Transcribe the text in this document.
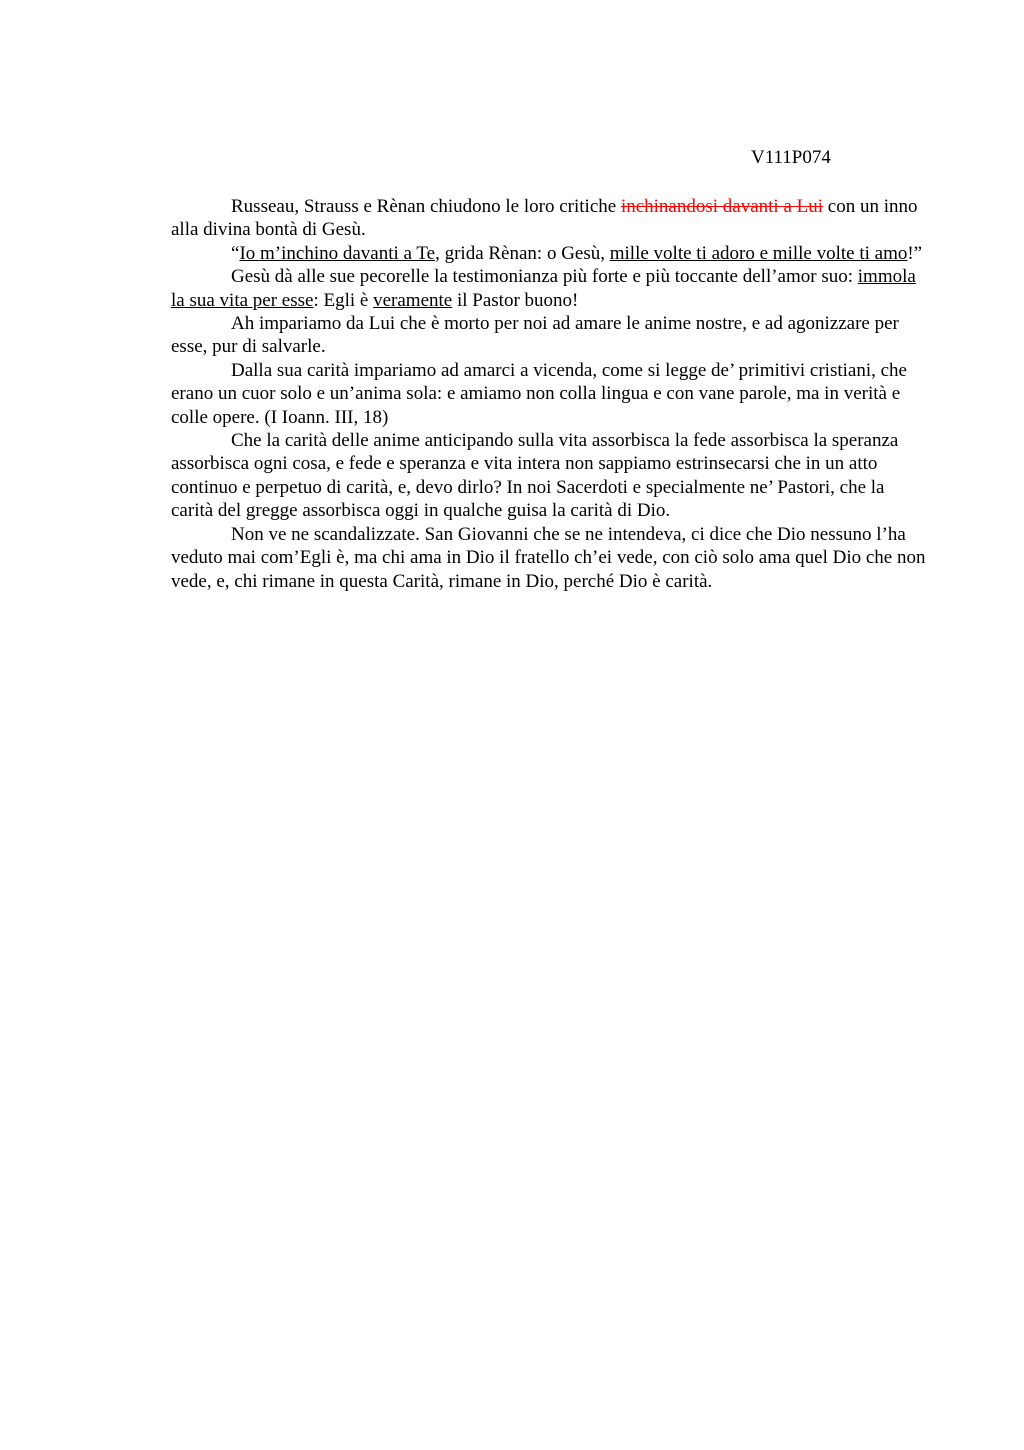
V111P074

Russeau, Strauss e Rènan chiudono le loro critiche inchinandosi davanti a Lui con un inno alla divina bontà di Gesù.

“Io m’inchino davanti a Te, grida Rènan: o Gesù, mille volte ti adoro e mille volte ti amo!”

Gesù dà alle sue pecorelle la testimonianza più forte e più toccante dell’amor suo: immola la sua vita per esse: Egli è veramente il Pastor buono!

Ah impariamo da Lui che è morto per noi ad amare le anime nostre, e ad agonizzare per esse, pur di salvarle.

Dalla sua carità impariamo ad amarci a vicenda, come si legge de’ primitivi cristiani, che erano un cuor solo e un’anima sola: e amiamo non colla lingua e con vane parole, ma in verità e colle opere. (I Ioann. III, 18)

Che la carità delle anime anticipando sulla vita assorbisca la fede assorbisca la speranza assorbisca ogni cosa, e fede e speranza e vita intera non sappiamo estrinsecarsi che in un atto continuo e perpetuo di carità, e, devo dirlo? In noi Sacerdoti e specialmente ne’ Pastori, che la carità del gregge assorbisca oggi in qualche guisa la carità di Dio.

Non ve ne scandalizzate. San Giovanni che se ne intendeva, ci dice che Dio nessuno l’ha veduto mai com’Egli è, ma chi ama in Dio il fratello ch’ei vede, con ciò solo ama quel Dio che non vede, e, chi rimane in questa Carità, rimane in Dio, perché Dio è carità.
